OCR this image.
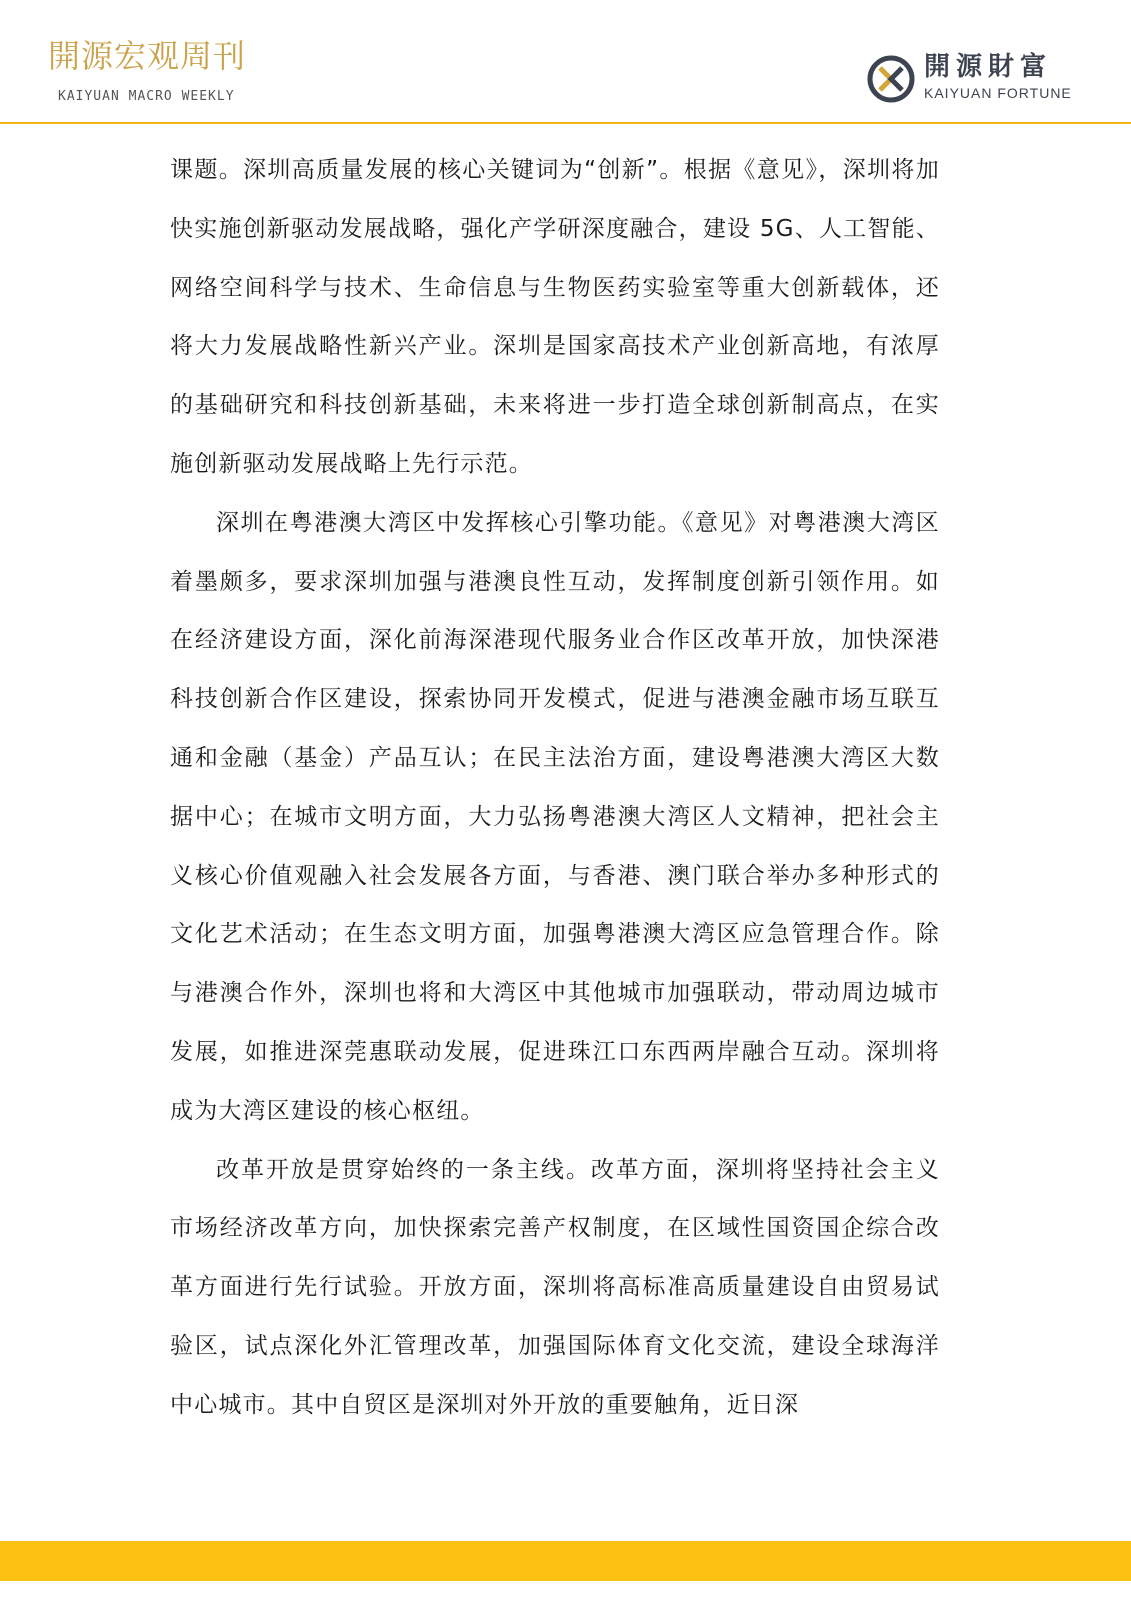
開源宏观周刊
KAIYUAN MACRO WEEKLY
開源財富
KAIYUAN FORTUNE

课题。深圳高质量发展的核心关键词为“创新”。根据《意见》，深圳将加快实施创新驱动发展战略，强化产学研深度融合，建设 5G、人工智能、网络空间科学与技术、生命信息与生物医药实验室等重大创新载体，还将大力发展战略性新兴产业。深圳是国家高技术产业创新高地，有浓厚的基础研究和科技创新基础，未来将进一步打造全球创新制高点，在实施创新驱动发展战略上先行示范。

深圳在粤港澳大湾区中发挥核心引擎功能。《意见》对粤港澳大湾区着墨颇多，要求深圳加强与港澳良性互动，发挥制度创新引领作用。如在经济建设方面，深化前海深港现代服务业合作区改革开放，加快深港科技创新合作区建设，探索协同开发模式，促进与港澳金融市场互联互通和金融（基金）产品互认；在民主法治方面，建设粤港澳大湾区大数据中心；在城市文明方面，大力弘扬粤港澳大湾区人文精神，把社会主义核心价值观融入社会发展各方面，与香港、澳门联合举办多种形式的文化艺术活动；在生态文明方面，加强粤港澳大湾区应急管理合作。除与港澳合作外，深圳也将和大湾区中其他城市加强联动，带动周边城市发展，如推进深莞惠联动发展，促进珠江口东西两岸融合互动。深圳将成为大湾区建设的核心枢纽。

改革开放是贯穿始终的一条主线。改革方面，深圳将坚持社会主义市场经济改革方向，加快探索完善产权制度，在区域性国资国企综合改革方面进行先行试验。开放方面，深圳将高标准高质量建设自由贸易试验区，试点深化外汇管理改革，加强国际体育文化交流，建设全球海洋中心城市。其中自贸区是深圳对外开放的重要触角，近日深
